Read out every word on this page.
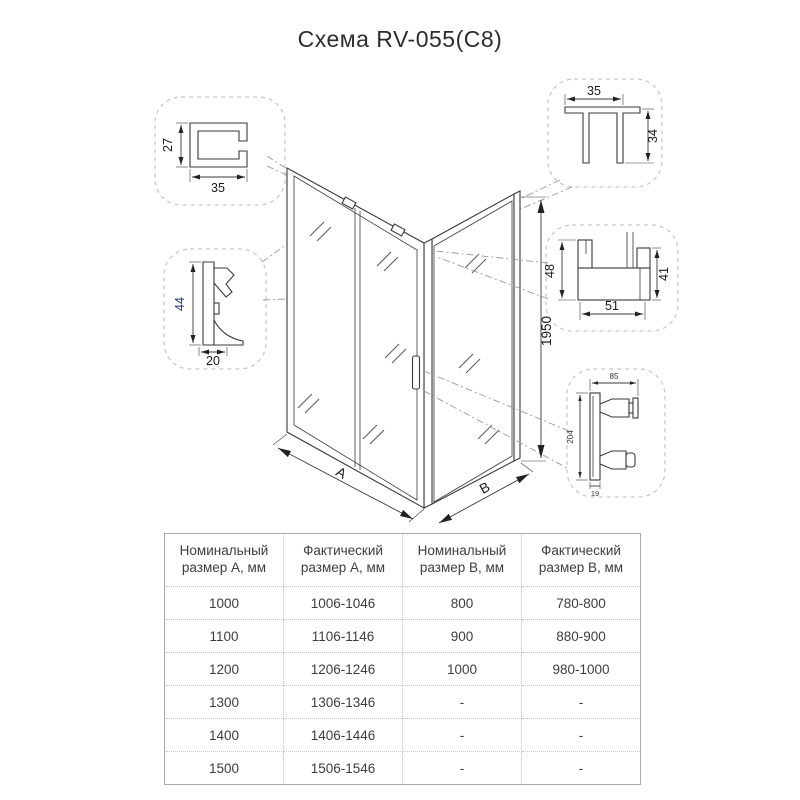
Схема RV-055(C8)
1950
A
B
27
35
44
20
35
34
48	41
51
85
204
19
Номинальный размер А, мм	Фактический размер А, мм	Номинальный размер В, мм	Фактический размер В, мм

1000	1006-1046	800	780-800
1100	1106-1146	900	880-900
1200	1206-1246	1000	980-1000
1300	1306-1346	-	-
1400	1406-1446	-	-
1500	1506-1546	-	-
